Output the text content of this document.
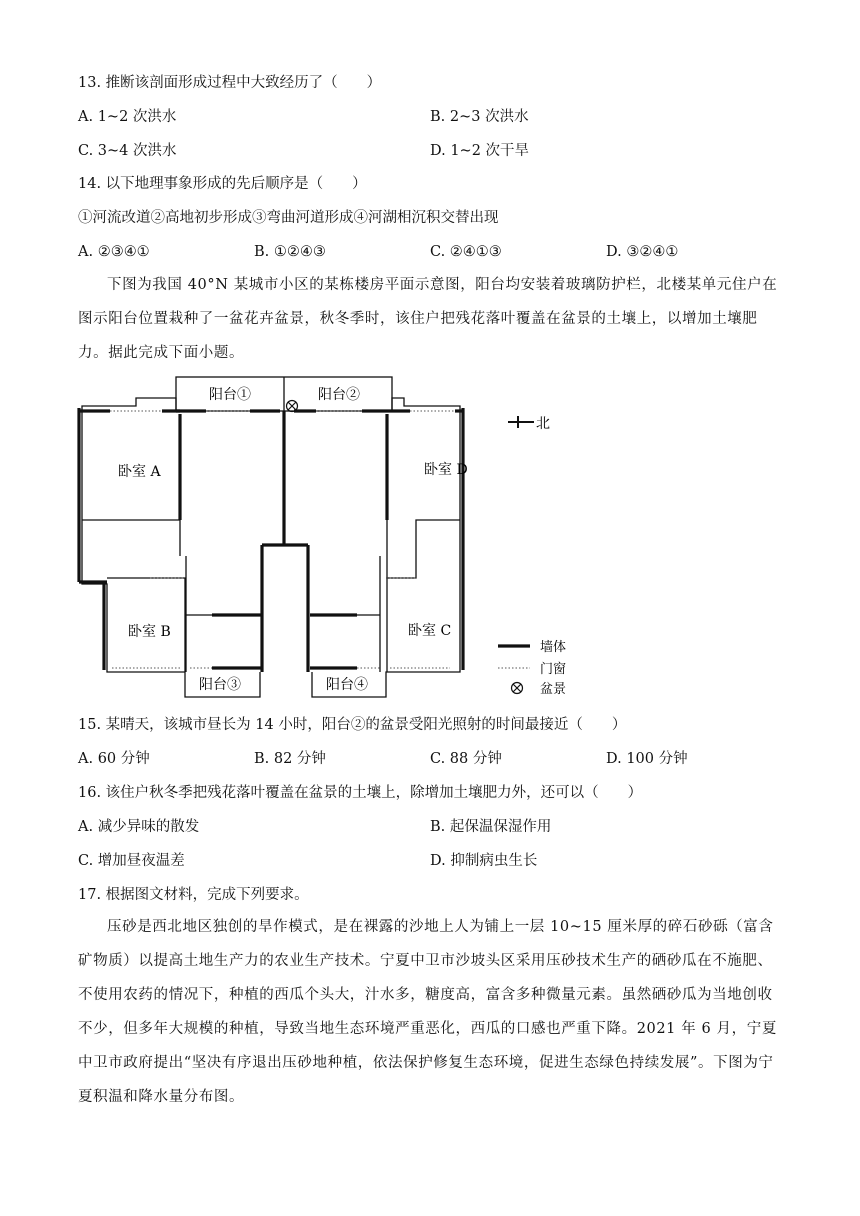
13. 推断该剖面形成过程中大致经历了（　　）
A. 1~2 次洪水	B. 2~3 次洪水
C. 3~4 次洪水	D. 1~2 次干旱
14. 以下地理事象形成的先后顺序是（　　）
①河流改道②高地初步形成③弯曲河道形成④河湖相沉积交替出现
A. ②③④①	B. ①②④③	C. ②④①③	D. ③②④①
下图为我国 40°N 某城市小区的某栋楼房平面示意图，阳台均安装着玻璃防护栏，北楼某单元住户在图示阳台位置栽种了一盆花卉盆景，秋冬季时，该住户把残花落叶覆盖在盆景的土壤上，以增加土壤肥力。据此完成下面小题。
北
阳台①	阳台②
阳台③	阳台④
卧室 A
卧室 B	卧室 C
卧室 D
墙体
门窗
盆景
15. 某晴天，该城市昼长为 14 小时，阳台②的盆景受阳光照射的时间最接近（　　）
A. 60 分钟	B. 82 分钟	C. 88 分钟	D. 100 分钟
16. 该住户秋冬季把残花落叶覆盖在盆景的土壤上，除增加土壤肥力外，还可以（　　）
A. 减少异味的散发	B. 起保温保湿作用
C. 增加昼夜温差	D. 抑制病虫生长
17. 根据图文材料，完成下列要求。
压砂是西北地区独创的旱作模式，是在裸露的沙地上人为铺上一层 10~15 厘米厚的碎石砂砾（富含矿物质）以提高土地生产力的农业生产技术。宁夏中卫市沙坡头区采用压砂技术生产的硒砂瓜在不施肥、不使用农药的情况下，种植的西瓜个头大，汁水多，糖度高，富含多种微量元素。虽然硒砂瓜为当地创收不少，但多年大规模的种植，导致当地生态环境严重恶化，西瓜的口感也严重下降。2021 年 6 月，宁夏中卫市政府提出“坚决有序退出压砂地种植，依法保护修复生态环境，促进生态绿色持续发展”。下图为宁夏积温和降水量分布图。
